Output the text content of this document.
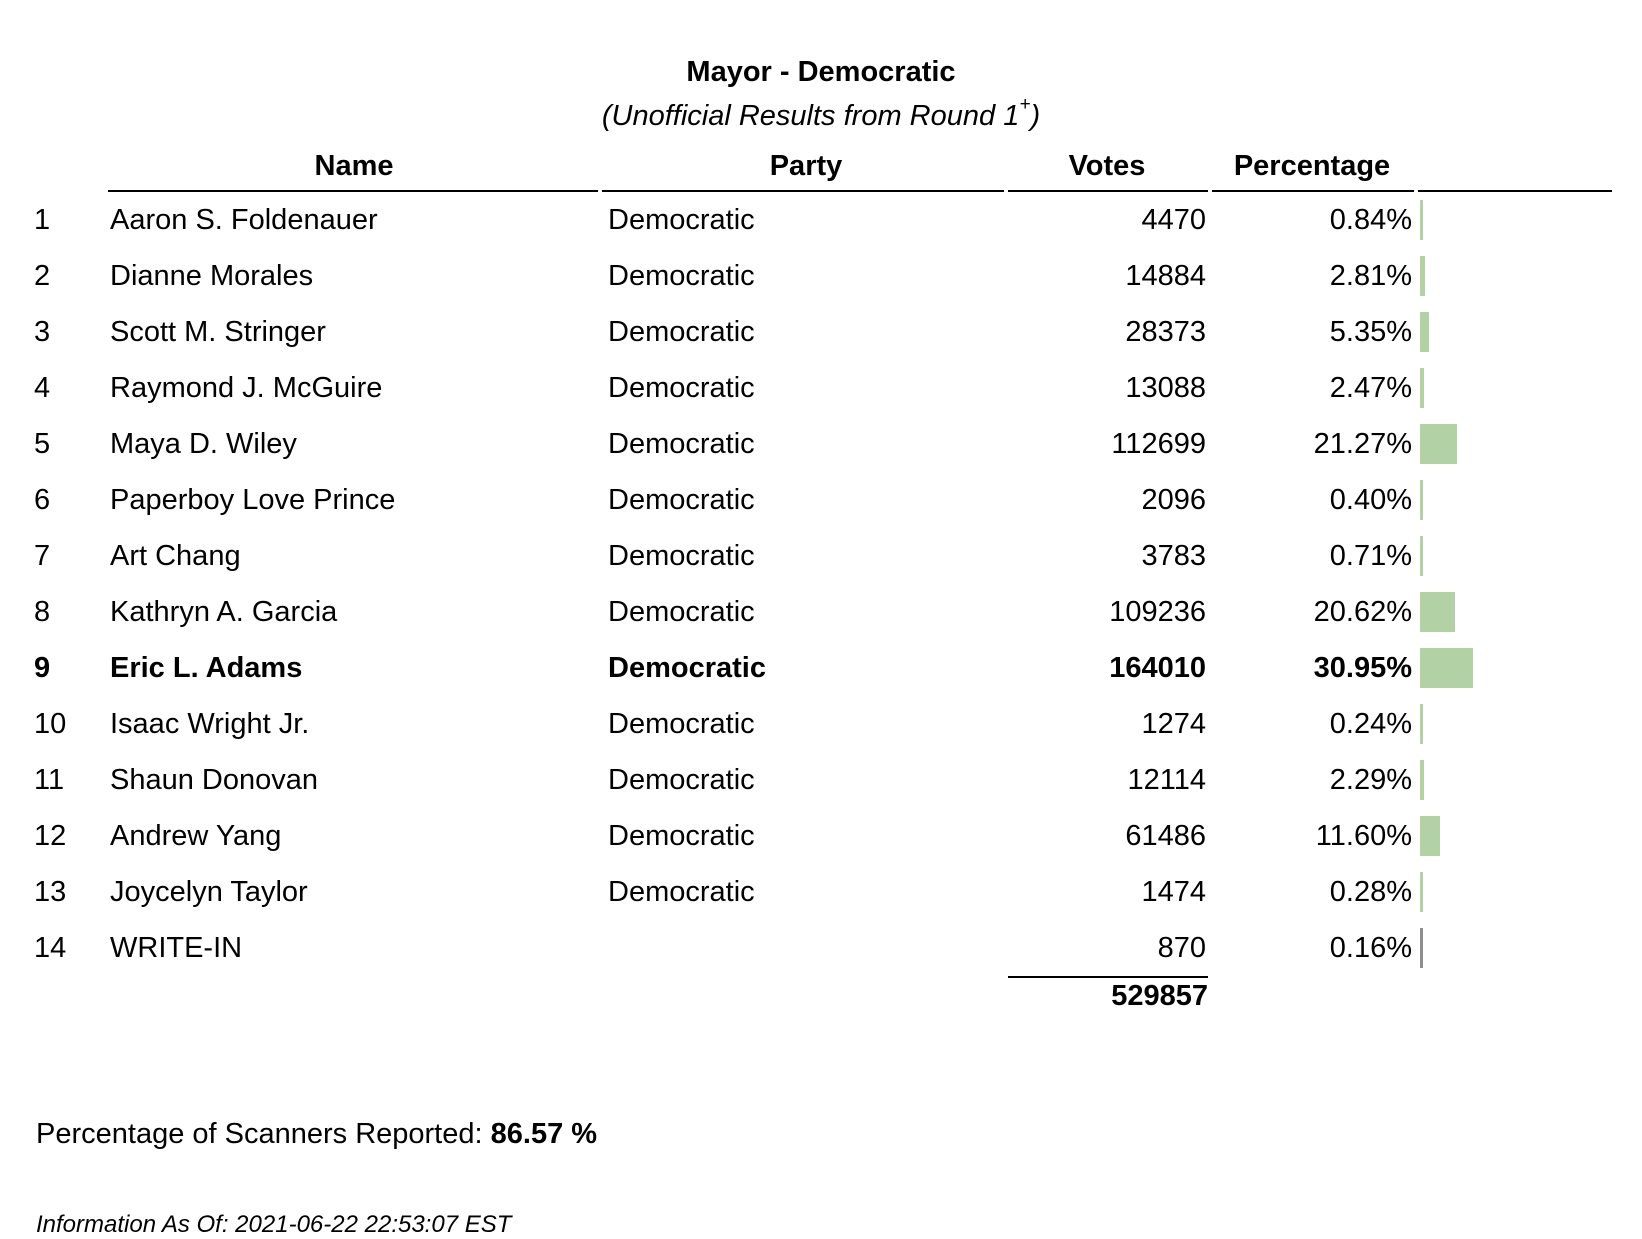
Mayor - Democratic
(Unofficial Results from Round 1+)
	Name	Party	Votes	Percentage	
1	Aaron S. Foldenauer	Democratic	4470	0.84%	

2	Dianne Morales	Democratic	14884	2.81%	

3	Scott M. Stringer	Democratic	28373	5.35%	

4	Raymond J. McGuire	Democratic	13088	2.47%	

5	Maya D. Wiley	Democratic	112699	21.27%	

6	Paperboy Love Prince	Democratic	2096	0.40%	

7	Art Chang	Democratic	3783	0.71%	

8	Kathryn A. Garcia	Democratic	109236	20.62%	

9	Eric L. Adams	Democratic	164010	30.95%	

10	Isaac Wright Jr.	Democratic	1274	0.24%	

11	Shaun Donovan	Democratic	12114	2.29%	

12	Andrew Yang	Democratic	61486	11.60%	

13	Joycelyn Taylor	Democratic	1474	0.28%	

14	WRITE-IN		870	0.16%	

			529857		
Percentage of Scanners Reported: 86.57 %
Information As Of: 2021-06-22 22:53:07 EST
